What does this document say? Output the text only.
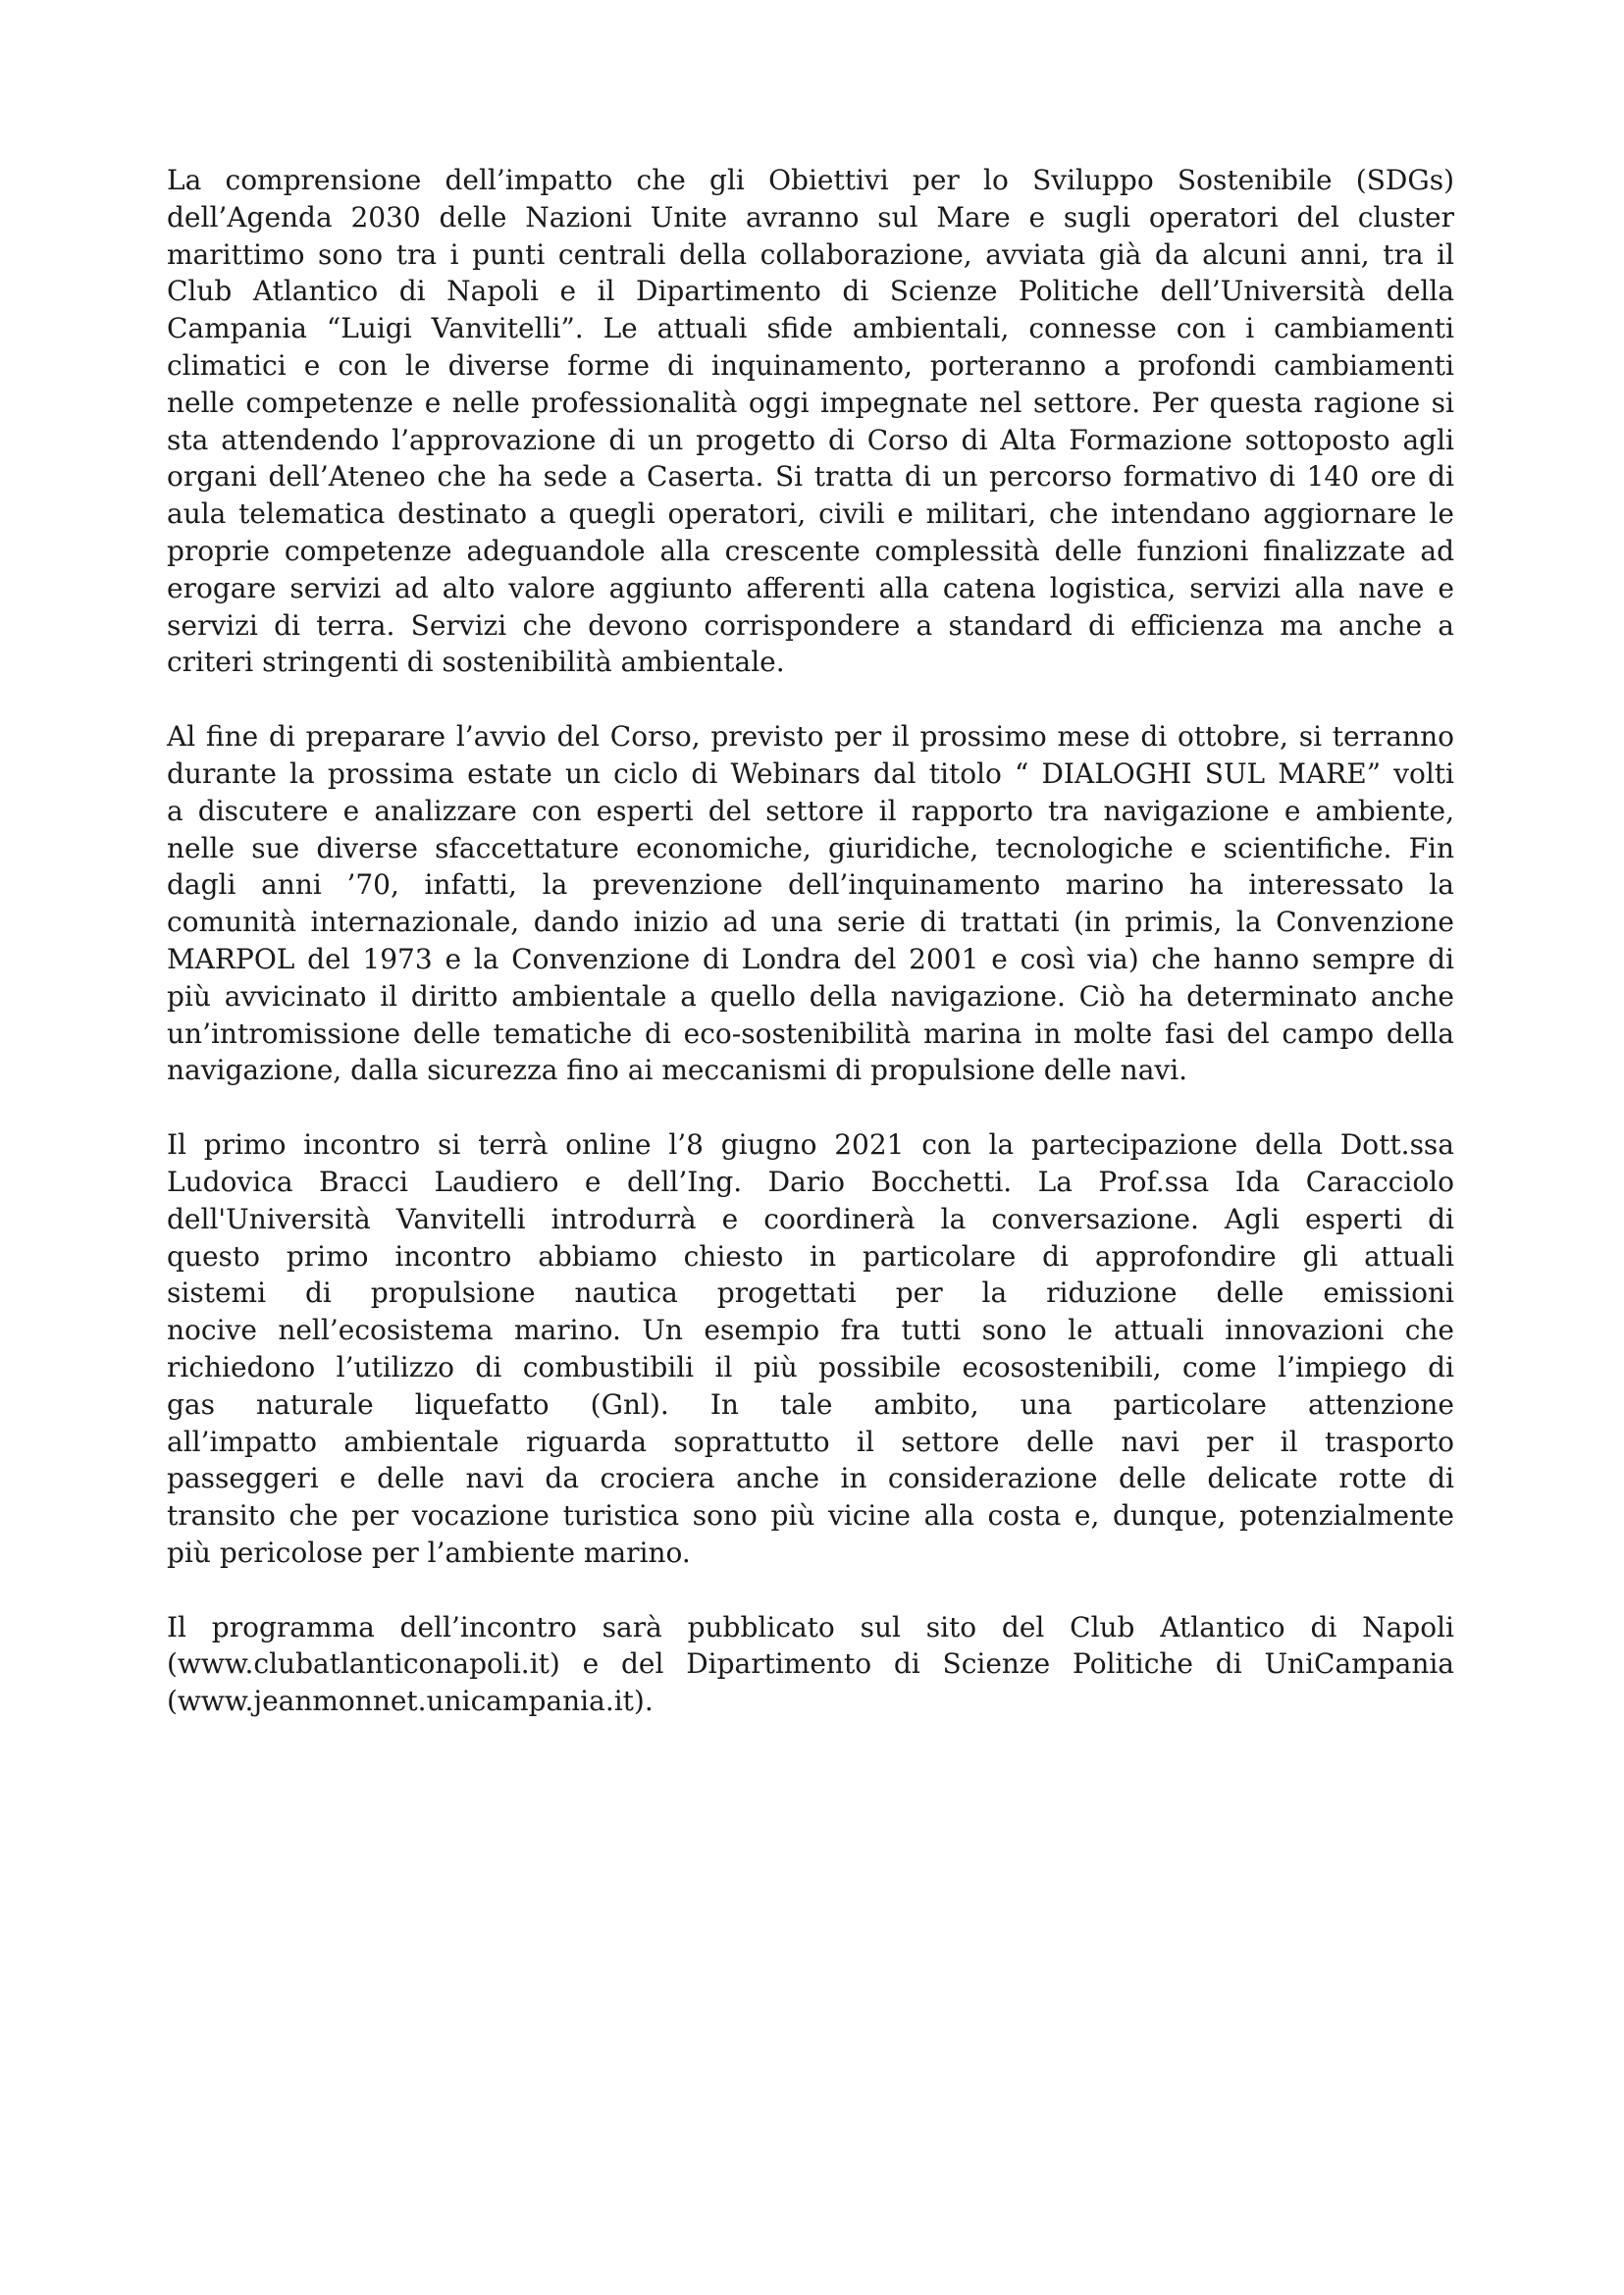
La comprensione dell’impatto che gli Obiettivi per lo Sviluppo Sostenibile (SDGs)
dell’Agenda 2030 delle Nazioni Unite avranno sul Mare e sugli operatori del cluster
marittimo sono tra i punti centrali della collaborazione, avviata già da alcuni anni, tra il
Club Atlantico di Napoli e il Dipartimento di Scienze Politiche dell’Università della
Campania “Luigi Vanvitelli”. Le attuali sfide ambientali, connesse con i cambiamenti
climatici e con le diverse forme di inquinamento, porteranno a profondi cambiamenti
nelle competenze e nelle professionalità oggi impegnate nel settore. Per questa ragione si
sta attendendo l’approvazione di un progetto di Corso di Alta Formazione sottoposto agli
organi dell’Ateneo che ha sede a Caserta. Si tratta di un percorso formativo di 140 ore di
aula telematica destinato a quegli operatori, civili e militari, che intendano aggiornare le
proprie competenze adeguandole alla crescente complessità delle funzioni finalizzate ad
erogare servizi ad alto valore aggiunto afferenti alla catena logistica, servizi alla nave e
servizi di terra. Servizi che devono corrispondere a standard di efficienza ma anche a
criteri stringenti di sostenibilità ambientale.

Al fine di preparare l’avvio del Corso, previsto per il prossimo mese di ottobre, si terranno
durante la prossima estate un ciclo di Webinars dal titolo “ DIALOGHI SUL MARE” volti
a discutere e analizzare con esperti del settore il rapporto tra navigazione e ambiente,
nelle sue diverse sfaccettature economiche, giuridiche, tecnologiche e scientifiche. Fin
dagli anni ’70, infatti, la prevenzione dell’inquinamento marino ha interessato la
comunità internazionale, dando inizio ad una serie di trattati (in primis, la Convenzione
MARPOL del 1973 e la Convenzione di Londra del 2001 e così via) che hanno sempre di
più avvicinato il diritto ambientale a quello della navigazione. Ciò ha determinato anche
un’intromissione delle tematiche di eco-sostenibilità marina in molte fasi del campo della
navigazione, dalla sicurezza fino ai meccanismi di propulsione delle navi.

Il primo incontro si terrà online l’8 giugno 2021 con la partecipazione della Dott.ssa
Ludovica Bracci Laudiero e dell’Ing. Dario Bocchetti. La Prof.ssa Ida Caracciolo
dell'Università Vanvitelli introdurrà e coordinerà la conversazione. Agli esperti di
questo primo incontro abbiamo chiesto in particolare di approfondire gli attuali
sistemi di propulsione nautica progettati per la riduzione delle emissioni
nocive nell’ecosistema marino. Un esempio fra tutti sono le attuali innovazioni che
richiedono l’utilizzo di combustibili il più possibile ecosostenibili, come l’impiego di
gas naturale liquefatto (Gnl). In tale ambito, una particolare attenzione
all’impatto ambientale riguarda soprattutto il settore delle navi per il trasporto
passeggeri e delle navi da crociera anche in considerazione delle delicate rotte di
transito che per vocazione turistica sono più vicine alla costa e, dunque, potenzialmente
più pericolose per l’ambiente marino.

Il programma dell’incontro sarà pubblicato sul sito del Club Atlantico di Napoli
(www.clubatlanticonapoli.it) e del Dipartimento di Scienze Politiche di UniCampania
(www.jeanmonnet.unicampania.it).
